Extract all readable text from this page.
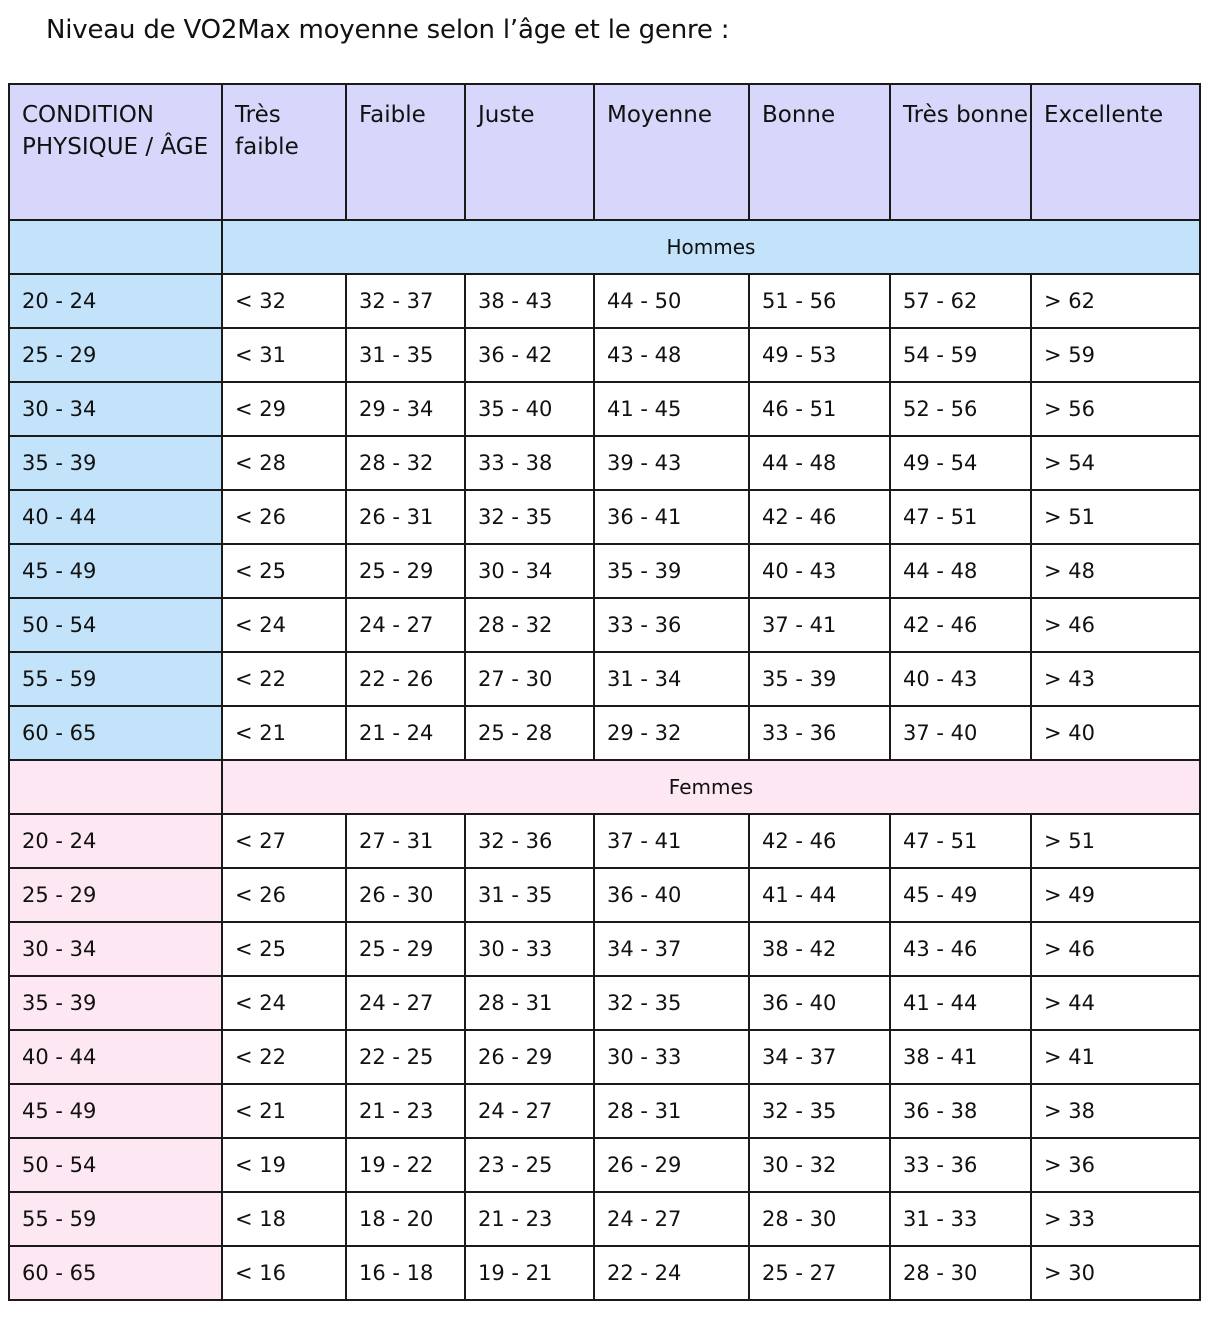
Niveau de VO2Max moyenne selon l’âge et le genre :
CONDITION PHYSIQUE / ÂGE	Très faible	Faible	Juste	Moyenne	Bonne	Très bonne	Excellente
	Hommes						
20 - 24	< 32	32 - 37	38 - 43	44 - 50	51 - 56	57 - 62	> 62
25 - 29	< 31	31 - 35	36 - 42	43 - 48	49 - 53	54 - 59	> 59
30 - 34	< 29	29 - 34	35 - 40	41 - 45	46 - 51	52 - 56	> 56
35 - 39	< 28	28 - 32	33 - 38	39 - 43	44 - 48	49 - 54	> 54
40 - 44	< 26	26 - 31	32 - 35	36 - 41	42 - 46	47 - 51	> 51
45 - 49	< 25	25 - 29	30 - 34	35 - 39	40 - 43	44 - 48	> 48
50 - 54	< 24	24 - 27	28 - 32	33 - 36	37 - 41	42 - 46	> 46
55 - 59	< 22	22 - 26	27 - 30	31 - 34	35 - 39	40 - 43	> 43
60 - 65	< 21	21 - 24	25 - 28	29 - 32	33 - 36	37 - 40	> 40
	Femmes						
20 - 24	< 27	27 - 31	32 - 36	37 - 41	42 - 46	47 - 51	> 51
25 - 29	< 26	26 - 30	31 - 35	36 - 40	41 - 44	45 - 49	> 49
30 - 34	< 25	25 - 29	30 - 33	34 - 37	38 - 42	43 - 46	> 46
35 - 39	< 24	24 - 27	28 - 31	32 - 35	36 - 40	41 - 44	> 44
40 - 44	< 22	22 - 25	26 - 29	30 - 33	34 - 37	38 - 41	> 41
45 - 49	< 21	21 - 23	24 - 27	28 - 31	32 - 35	36 - 38	> 38
50 - 54	< 19	19 - 22	23 - 25	26 - 29	30 - 32	33 - 36	> 36
55 - 59	< 18	18 - 20	21 - 23	24 - 27	28 - 30	31 - 33	> 33
60 - 65	< 16	16 - 18	19 - 21	22 - 24	25 - 27	28 - 30	> 30
